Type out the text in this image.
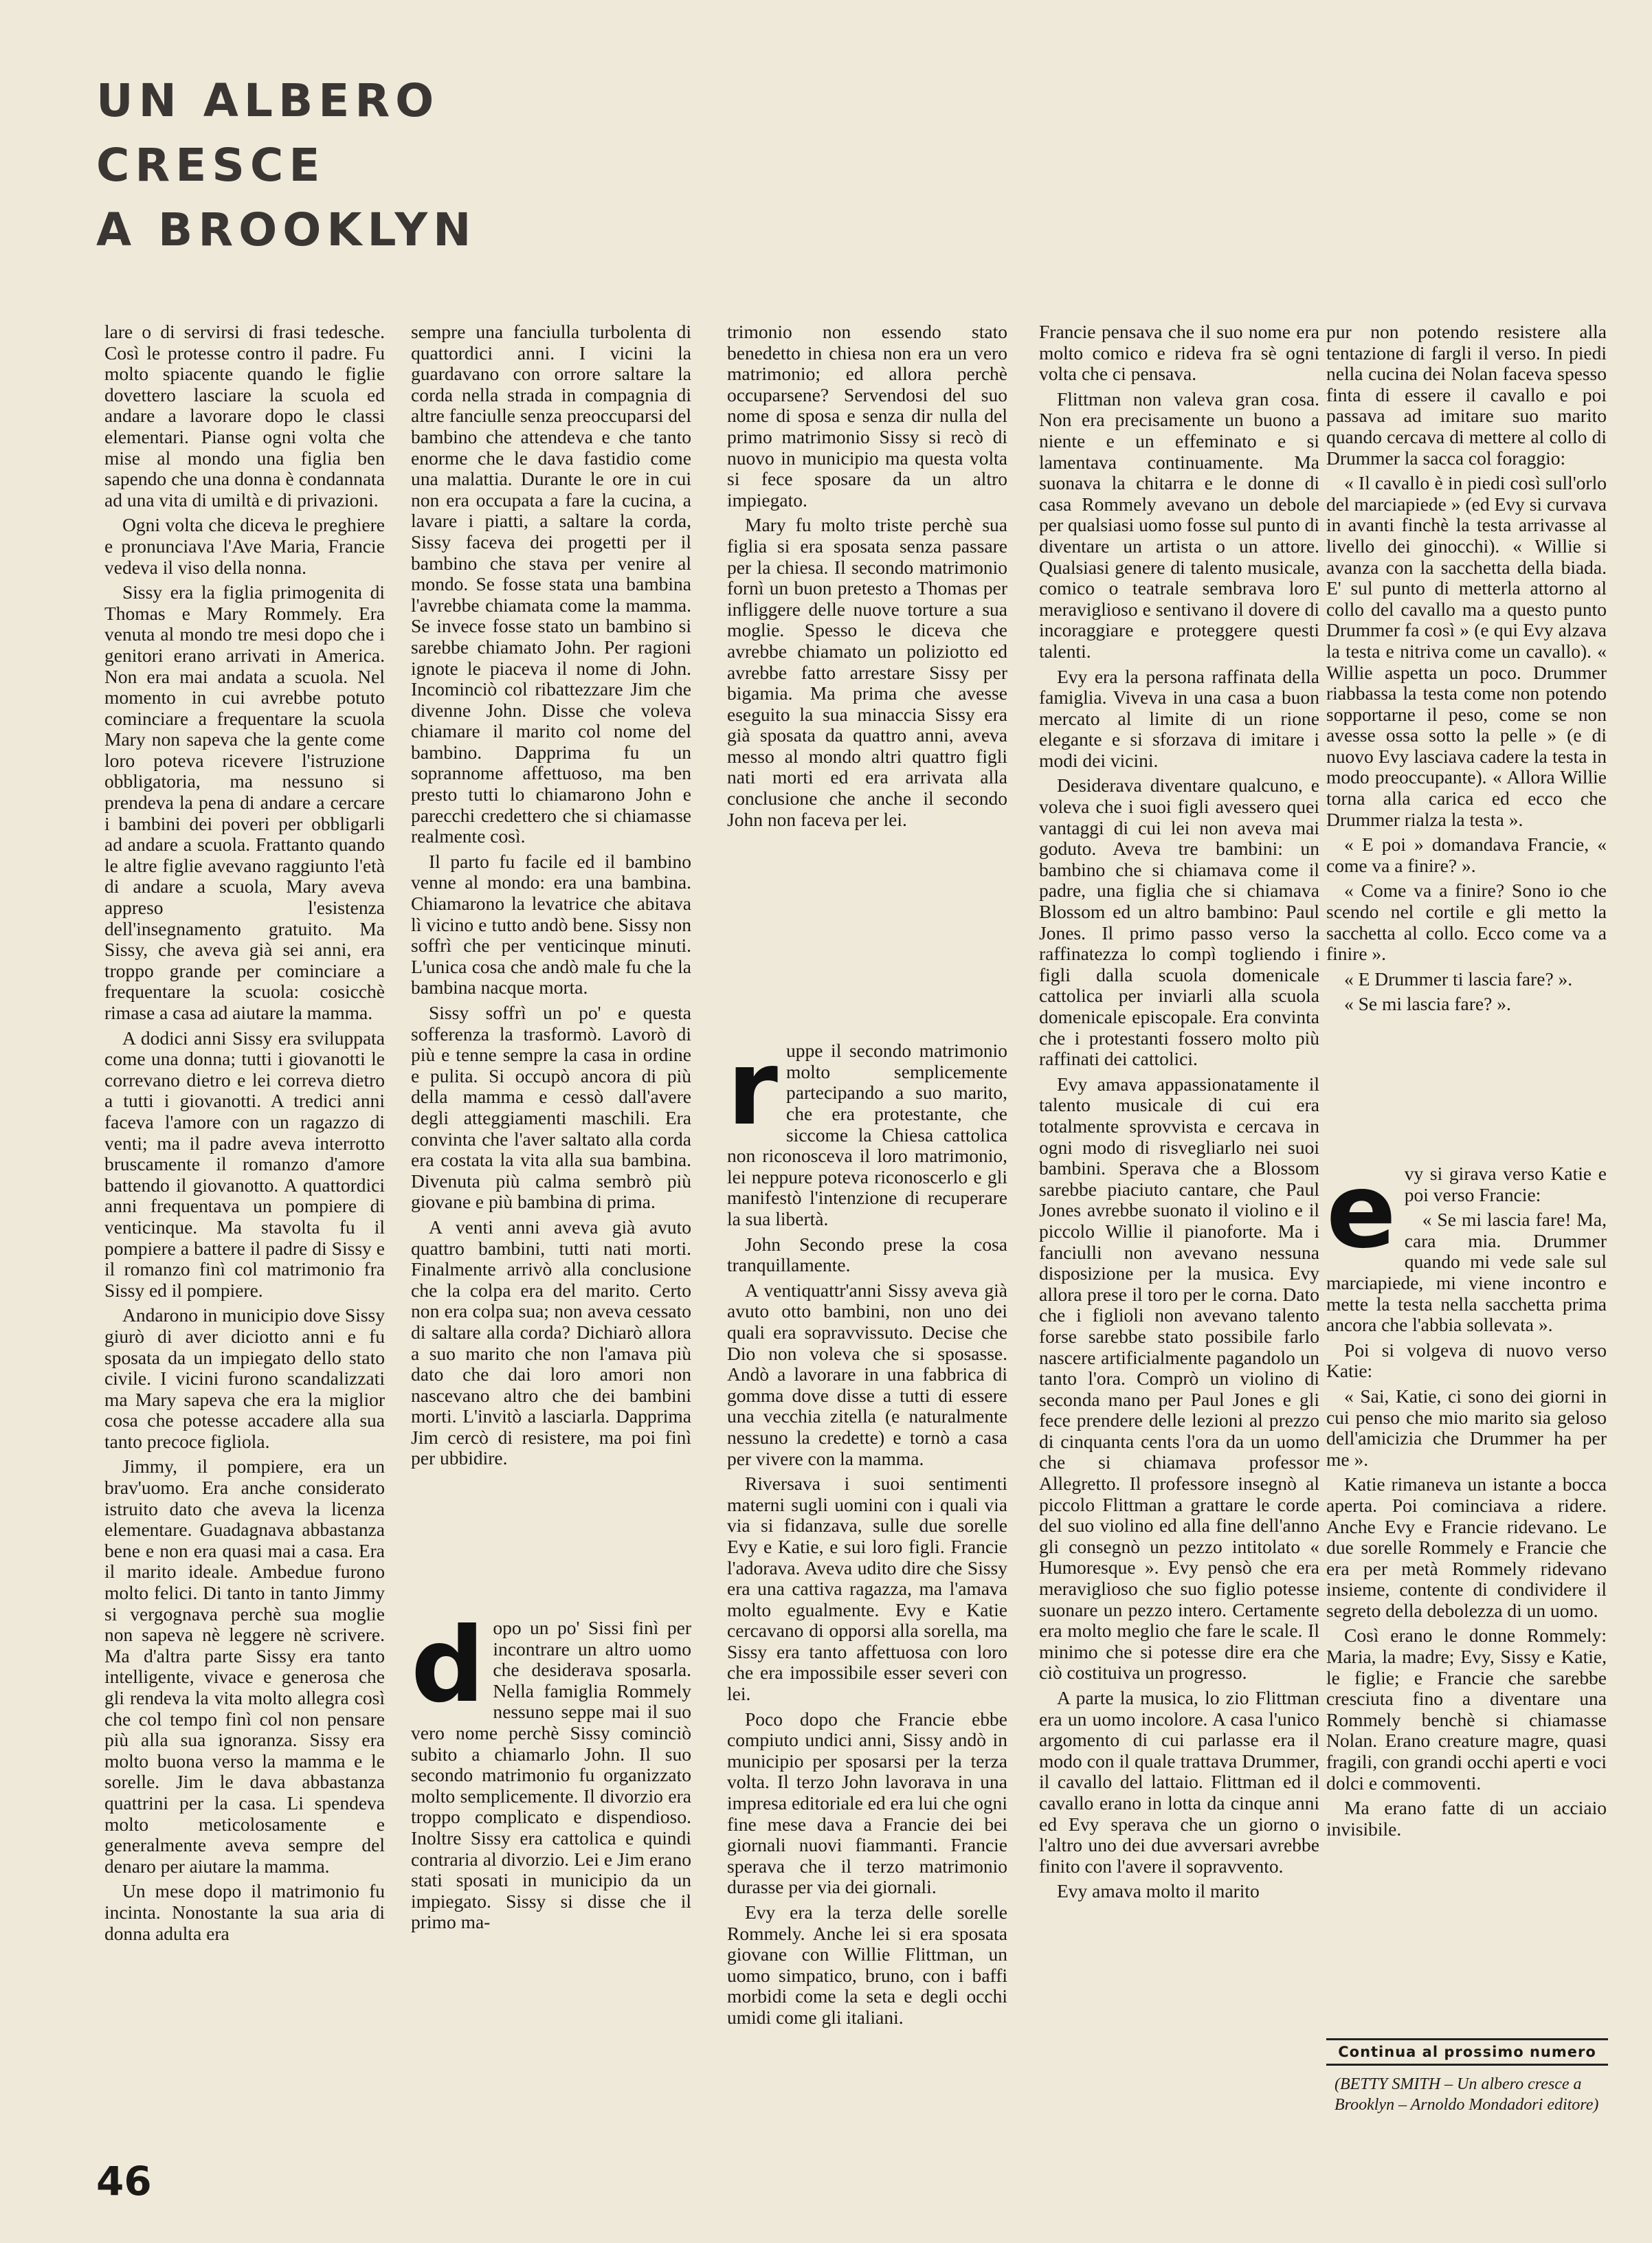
UN ALBERO
CRESCE
A BROOKLYN

lare o di servirsi di frasi tedesche. Così le protesse contro il padre. Fu molto spiacente quando le figlie dovettero lasciare la scuola ed andare a lavorare dopo le classi elementari. Pianse ogni volta che mise al mondo una figlia ben sapendo che una donna è condannata ad una vita di umiltà e di privazioni.

Ogni volta che diceva le preghiere e pronunciava l'Ave Maria, Francie vedeva il viso della nonna.

Sissy era la figlia primogenita di Thomas e Mary Rommely. Era venuta al mondo tre mesi dopo che i genitori erano arrivati in America. Non era mai andata a scuola. Nel momento in cui avrebbe potuto cominciare a frequentare la scuola Mary non sapeva che la gente come loro poteva ricevere l'istruzione obbligatoria, ma nessuno si prendeva la pena di andare a cercare i bambini dei poveri per obbligarli ad andare a scuola. Frattanto quando le altre figlie avevano raggiunto l'età di andare a scuola, Mary aveva appreso l'esistenza dell'insegnamento gratuito. Ma Sissy, che aveva già sei anni, era troppo grande per cominciare a frequentare la scuola: cosicchè rimase a casa ad aiutare la mamma.

A dodici anni Sissy era sviluppata come una donna; tutti i giovanotti le correvano dietro e lei correva dietro a tutti i giovanotti. A tredici anni faceva l'amore con un ragazzo di venti; ma il padre aveva interrotto bruscamente il romanzo d'amore battendo il giovanotto. A quattordici anni frequentava un pompiere di venticinque. Ma stavolta fu il pompiere a battere il padre di Sissy e il romanzo finì col matrimonio fra Sissy ed il pompiere.

Andarono in municipio dove Sissy giurò di aver diciotto anni e fu sposata da un impiegato dello stato civile. I vicini furono scandalizzati ma Mary sapeva che era la miglior cosa che potesse accadere alla sua tanto precoce figliola.

Jimmy, il pompiere, era un brav'uomo. Era anche considerato istruito dato che aveva la licenza elementare. Guadagnava abbastanza bene e non era quasi mai a casa. Era il marito ideale. Ambedue furono molto felici. Di tanto in tanto Jimmy si vergognava perchè sua moglie non sapeva nè leggere nè scrivere. Ma d'altra parte Sissy era tanto intelligente, vivace e generosa che gli rendeva la vita molto allegra così che col tempo finì col non pensare più alla sua ignoranza. Sissy era molto buona verso la mamma e le sorelle. Jim le dava abbastanza quattrini per la casa. Li spendeva molto meticolosamente e generalmente aveva sempre del denaro per aiutare la mamma.

Un mese dopo il matrimonio fu incinta. Nonostante la sua aria di donna adulta era

sempre una fanciulla turbolenta di quattordici anni. I vicini la guardavano con orrore saltare la corda nella strada in compagnia di altre fanciulle senza preoccuparsi del bambino che attendeva e che tanto enorme che le dava fastidio come una malattia. Durante le ore in cui non era occupata a fare la cucina, a lavare i piatti, a saltare la corda, Sissy faceva dei progetti per il bambino che stava per venire al mondo. Se fosse stata una bambina l'avrebbe chiamata come la mamma. Se invece fosse stato un bambino si sarebbe chiamato John. Per ragioni ignote le piaceva il nome di John. Incominciò col ribattezzare Jim che divenne John. Disse che voleva chiamare il marito col nome del bambino. Dapprima fu un soprannome affettuoso, ma ben presto tutti lo chiamarono John e parecchi credettero che si chiamasse realmente così.

Il parto fu facile ed il bambino venne al mondo: era una bambina. Chiamarono la levatrice che abitava lì vicino e tutto andò bene. Sissy non soffrì che per venticinque minuti. L'unica cosa che andò male fu che la bambina nacque morta.

Sissy soffrì un po' e questa sofferenza la trasformò. Lavorò di più e tenne sempre la casa in ordine e pulita. Si occupò ancora di più della mamma e cessò dall'avere degli atteggiamenti maschili. Era convinta che l'aver saltato alla corda era costata la vita alla sua bambina. Divenuta più calma sembrò più giovane e più bambina di prima.

A venti anni aveva già avuto quattro bambini, tutti nati morti. Finalmente arrivò alla conclusione che la colpa era del marito. Certo non era colpa sua; non aveva cessato di saltare alla corda? Dichiarò allora a suo marito che non l'amava più dato che dai loro amori non nascevano altro che dei bambini morti. L'invitò a lasciarla. Dapprima Jim cercò di resistere, ma poi finì per ubbidire.

d opo un po' Sissi finì per incontrare un altro uomo che desiderava sposarla. Nella famiglia Rommely nessuno seppe mai il suo vero nome perchè Sissy cominciò subito a chiamarlo John. Il suo secondo matrimonio fu organizzato molto semplicemente. Il divorzio era troppo complicato e dispendioso. Inoltre Sissy era cattolica e quindi contraria al divorzio. Lei e Jim erano stati sposati in municipio da un impiegato. Sissy si disse che il primo ma-

trimonio non essendo stato benedetto in chiesa non era un vero matrimonio; ed allora perchè occuparsene? Servendosi del suo nome di sposa e senza dir nulla del primo matrimonio Sissy si recò di nuovo in municipio ma questa volta si fece sposare da un altro impiegato.

Mary fu molto triste perchè sua figlia si era sposata senza passare per la chiesa. Il secondo matrimonio fornì un buon pretesto a Thomas per infliggere delle nuove torture a sua moglie. Spesso le diceva che avrebbe chiamato un poliziotto ed avrebbe fatto arrestare Sissy per bigamia. Ma prima che avesse eseguito la sua minaccia Sissy era già sposata da quattro anni, aveva messo al mondo altri quattro figli nati morti ed era arrivata alla conclusione che anche il secondo John non faceva per lei.

r uppe il secondo matrimonio molto semplicemente partecipando a suo marito, che era protestante, che siccome la Chiesa cattolica non riconosceva il loro matrimonio, lei neppure poteva riconoscerlo e gli manifestò l'intenzione di recuperare la sua libertà.

John Secondo prese la cosa tranquillamente.

A ventiquattr'anni Sissy aveva già avuto otto bambini, non uno dei quali era sopravvissuto. Decise che Dio non voleva che si sposasse. Andò a lavorare in una fabbrica di gomma dove disse a tutti di essere una vecchia zitella (e naturalmente nessuno la credette) e tornò a casa per vivere con la mamma.

Riversava i suoi sentimenti materni sugli uomini con i quali via via si fidanzava, sulle due sorelle Evy e Katie, e sui loro figli. Francie l'adorava. Aveva udito dire che Sissy era una cattiva ragazza, ma l'amava molto egualmente. Evy e Katie cercavano di opporsi alla sorella, ma Sissy era tanto affettuosa con loro che era impossibile esser severi con lei.

Poco dopo che Francie ebbe compiuto undici anni, Sissy andò in municipio per sposarsi per la terza volta. Il terzo John lavorava in una impresa editoriale ed era lui che ogni fine mese dava a Francie dei bei giornali nuovi fiammanti. Francie sperava che il terzo matrimonio durasse per via dei giornali.

Evy era la terza delle sorelle Rommely. Anche lei si era sposata giovane con Willie Flittman, un uomo simpatico, bruno, con i baffi morbidi come la seta e degli occhi umidi come gli italiani.

Francie pensava che il suo nome era molto comico e rideva fra sè ogni volta che ci pensava.

Flittman non valeva gran cosa. Non era precisamente un buono a niente e un effeminato e si lamentava continuamente. Ma suonava la chitarra e le donne di casa Rommely avevano un debole per qualsiasi uomo fosse sul punto di diventare un artista o un attore. Qualsiasi genere di talento musicale, comico o teatrale sembrava loro meraviglioso e sentivano il dovere di incoraggiare e proteggere questi talenti.

Evy era la persona raffinata della famiglia. Viveva in una casa a buon mercato al limite di un rione elegante e si sforzava di imitare i modi dei vicini.

Desiderava diventare qualcuno, e voleva che i suoi figli avessero quei vantaggi di cui lei non aveva mai goduto. Aveva tre bambini: un bambino che si chiamava come il padre, una figlia che si chiamava Blossom ed un altro bambino: Paul Jones. Il primo passo verso la raffinatezza lo compì togliendo i figli dalla scuola domenicale cattolica per inviarli alla scuola domenicale episcopale. Era convinta che i protestanti fossero molto più raffinati dei cattolici.

Evy amava appassionatamente il talento musicale di cui era totalmente sprovvista e cercava in ogni modo di risvegliarlo nei suoi bambini. Sperava che a Blossom sarebbe piaciuto cantare, che Paul Jones avrebbe suonato il violino e il piccolo Willie il pianoforte. Ma i fanciulli non avevano nessuna disposizione per la musica. Evy allora prese il toro per le corna. Dato che i figlioli non avevano talento forse sarebbe stato possibile farlo nascere artificialmente pagandolo un tanto l'ora. Comprò un violino di seconda mano per Paul Jones e gli fece prendere delle lezioni al prezzo di cinquanta cents l'ora da un uomo che si chiamava professor Allegretto. Il professore insegnò al piccolo Flittman a grattare le corde del suo violino ed alla fine dell'anno gli consegnò un pezzo intitolato « Humoresque ». Evy pensò che era meraviglioso che suo figlio potesse suonare un pezzo intero. Certamente era molto meglio che fare le scale. Il minimo che si potesse dire era che ciò costituiva un progresso.

A parte la musica, lo zio Flittman era un uomo incolore. A casa l'unico argomento di cui parlasse era il modo con il quale trattava Drummer, il cavallo del lattaio. Flittman ed il cavallo erano in lotta da cinque anni ed Evy sperava che un giorno o l'altro uno dei due avversari avrebbe finito con l'avere il sopravvento.

Evy amava molto il marito

pur non potendo resistere alla tentazione di fargli il verso. In piedi nella cucina dei Nolan faceva spesso finta di essere il cavallo e poi passava ad imitare suo marito quando cercava di mettere al collo di Drummer la sacca col foraggio:

« Il cavallo è in piedi così sull'orlo del marciapiede » (ed Evy si curvava in avanti finchè la testa arrivasse al livello dei ginocchi). « Willie si avanza con la sacchetta della biada. E' sul punto di metterla attorno al collo del cavallo ma a questo punto Drummer fa così » (e qui Evy alzava la testa e nitriva come un cavallo). « Willie aspetta un poco. Drummer riabbassa la testa come non potendo sopportarne il peso, come se non avesse ossa sotto la pelle » (e di nuovo Evy lasciava cadere la testa in modo preoccupante). « Allora Willie torna alla carica ed ecco che Drummer rialza la testa ».

« E poi » domandava Francie, « come va a finire? ».

« Come va a finire? Sono io che scendo nel cortile e gli metto la sacchetta al collo. Ecco come va a finire ».

« E Drummer ti lascia fare? ».

« Se mi lascia fare? ».

e vy si girava verso Katie e poi verso Francie:

« Se mi lascia fare! Ma, cara mia. Drummer quando mi vede sale sul marciapiede, mi viene incontro e mette la testa nella sacchetta prima ancora che l'abbia sollevata ».

Poi si volgeva di nuovo verso Katie:

« Sai, Katie, ci sono dei giorni in cui penso che mio marito sia geloso dell'amicizia che Drummer ha per me ».

Katie rimaneva un istante a bocca aperta. Poi cominciava a ridere. Anche Evy e Francie ridevano. Le due sorelle Rommely e Francie che era per metà Rommely ridevano insieme, contente di condividere il segreto della debolezza di un uomo.

Così erano le donne Rommely: Maria, la madre; Evy, Sissy e Katie, le figlie; e Francie che sarebbe cresciuta fino a diventare una Rommely benchè si chiamasse Nolan. Erano creature magre, quasi fragili, con grandi occhi aperti e voci dolci e commoventi.

Ma erano fatte di un acciaio invisibile.

Continua al prossimo numero
(BETTY SMITH – Un albero cresce a Brooklyn – Arnoldo Mondadori editore)
46
